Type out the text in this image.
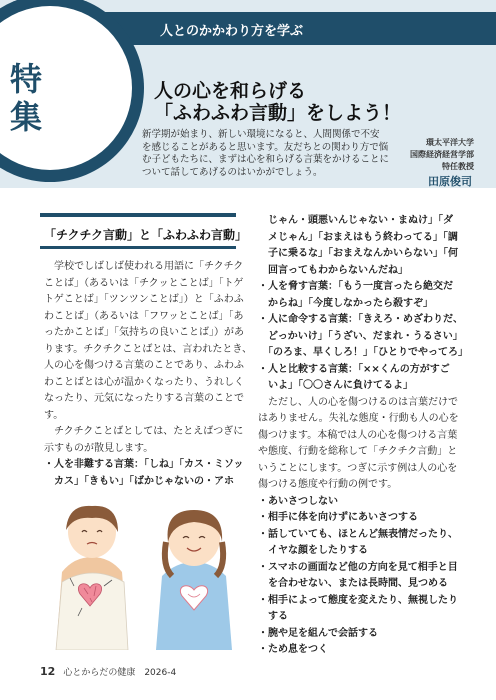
特集
人とのかかわり方を学ぶ
人の心を和らげる
「ふわふわ言動」をしよう！
新学期が始まり、新しい環境になると、人間関係で不安
を感じることがあると思います。友だちとの関わり方で悩
む子どもたちに、まずは心を和らげる言葉をかけることに
ついて話してあげるのはいかがでしょう。
環太平洋大学
国際経済経営学部
特任教授
田原俊司
「チクチク言動」と「ふわふわ言動」
　学校でしばしば使われる用語に「チクチク
ことば」（あるいは「チクッとことば」「トゲ
トゲことば」「ツンツンことば」）と「ふわふ
わことば」（あるいは「フワッとことば」「あ
ったかことば」「気持ちの良いことば」）があ
ります。チクチクことばとは、言われたとき、
人の心を傷つける言葉のことであり、ふわふ
わことばとは心が温かくなったり、うれしく
なったり、元気になったりする言葉のことで
す。
　チクチクことばとしては、たとえばつぎに
示すものが散見します。
・人を非難する言葉：「しね」「カス・ミソッ
　カス」「きもい」「ばかじゃないの・アホ
　じゃん・頭悪いんじゃない・まぬけ」「ダ
　メじゃん」「おまえはもう終わってる」「調
　子に乗るな」「おまえなんかいらない」「何
　回言ってもわからないんだね」
・人を脅す言葉：「もう一度言ったら絶交だ
　からね」「今度しなかったら殺すぞ」
・人に命令する言葉：「きえろ・めざわりだ、
　どっかいけ」「うざい、だまれ・うるさい」
　「のろま、早くしろ！」「ひとりでやってろ」
・人と比較する言葉：「××くんの方がすご
　いよ」「〇〇さんに負けてるよ」
　ただし、人の心を傷つけるのは言葉だけで
はありません。失礼な態度・行動も人の心を
傷つけます。本稿では人の心を傷つける言葉
や態度、行動を総称して「チクチク言動」と
いうことにします。つぎに示す例は人の心を
傷つける態度や行動の例です。
・あいさつしない
・相手に体を向けずにあいさつする
・話していても、ほとんど無表情だったり、
　イヤな顔をしたりする
・スマホの画面など他の方向を見て相手と目
　を合わせない、または長時間、見つめる
・相手によって態度を変えたり、無視したり
　する
・腕や足を組んで会話する
・ため息をつく
12 心とからだの健康　2026-4
